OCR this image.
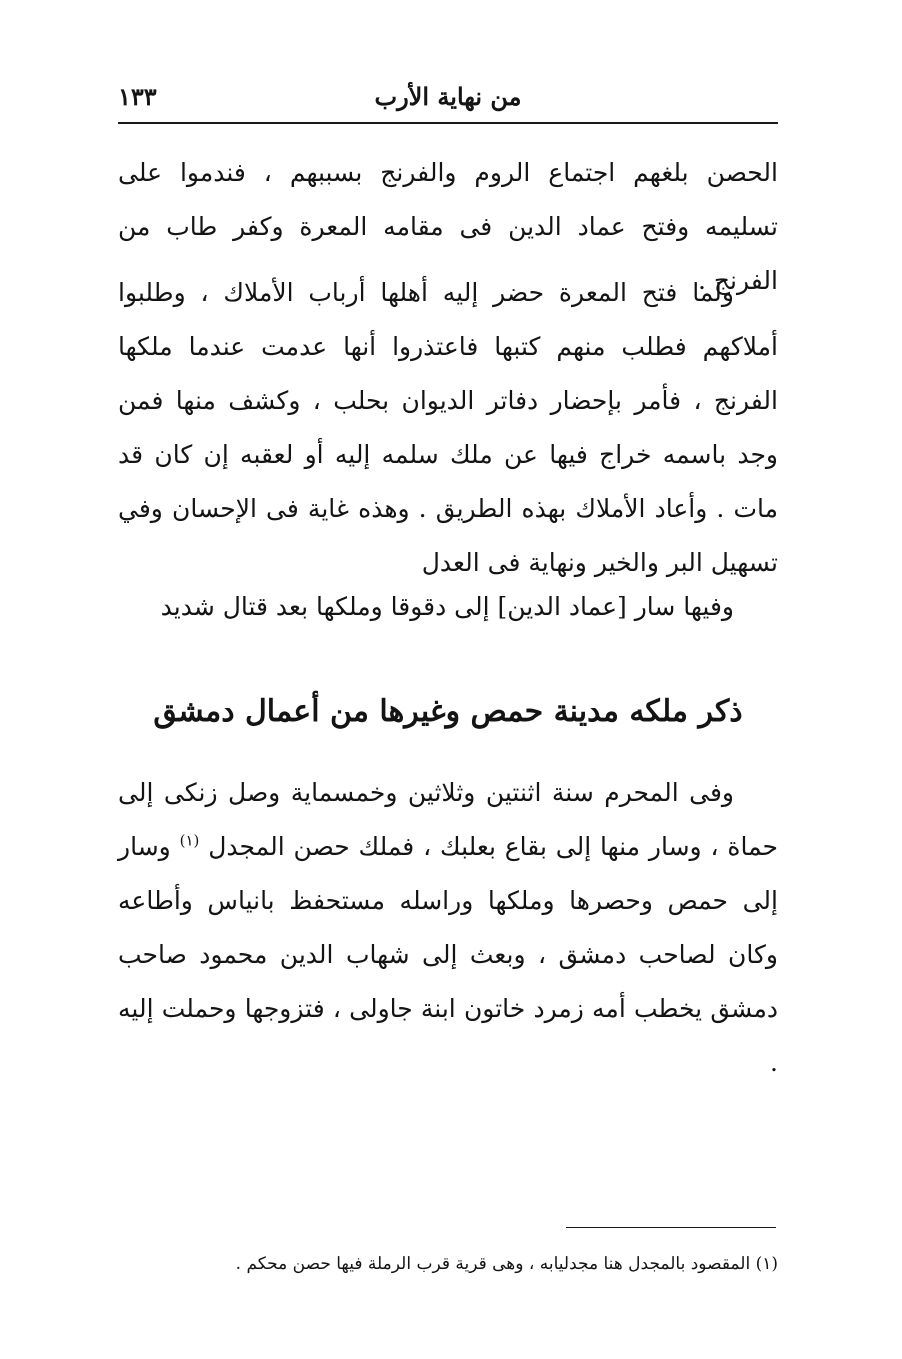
من نهاية الأرب
١٣٣

الحصن بلغهم اجتماع الروم والفرنج بسببهم ، فندموا على تسليمه وفتح عماد الدين فى مقامه المعرة وكفر طاب من الفرنج .

ولما فتح المعرة حضر إليه أهلها أرباب الأملاك ، وطلبوا أملاكهم فطلب منهم كتبها فاعتذروا أنها عدمت عندما ملكها الفرنج ، فأمر بإحضار دفاتر الديوان بحلب ، وكشف منها فمن وجد باسمه خراج فيها عن ملك سلمه إليه أو لعقبه إن كان قد مات . وأعاد الأملاك بهذه الطريق . وهذه غاية فى الإحسان وفي تسهيل البر والخير ونهاية فى العدل

وفيها سار [عماد الدين] إلى دقوقا وملكها بعد قتال شديد

ذكر ملكه مدينة حمص وغيرها من أعمال دمشق

وفى المحرم سنة اثنتين وثلاثين وخمسماية وصل زنكى إلى حماة ، وسار منها إلى بقاع بعلبك ، فملك حصن المجدل $^{(١)}$ وسار إلى حمص وحصرها وملكها وراسله مستحفظ بانياس وأطاعه وكان لصاحب دمشق ، وبعث إلى شهاب الدين محمود صاحب دمشق يخطب أمه زمرد خاتون ابنة جاولى ، فتزوجها وحملت إليه .

(١) المقصود بالمجدل هنا مجدليابه ، وهى قرية قرب الرملة فيها حصن محكم .
